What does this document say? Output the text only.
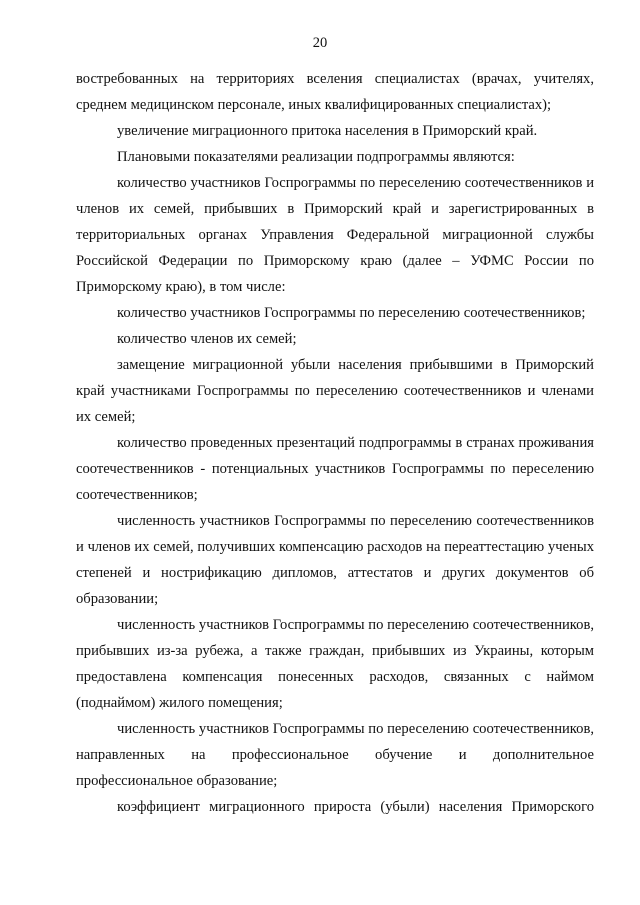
20

востребованных на территориях вселения специалистах (врачах, учителях, среднем медицинском персонале, иных квалифицированных специалистах);

увеличение миграционного притока населения в Приморский край.

Плановыми показателями реализации подпрограммы являются:

количество участников Госпрограммы по переселению соотечественников и членов их семей, прибывших в Приморский край и зарегистрированных в территориальных органах Управления Федеральной миграционной службы Российской Федерации по Приморскому краю (далее – УФМС России по Приморскому краю), в том числе:

количество участников Госпрограммы по переселению соотечественников;

количество членов их семей;

замещение миграционной убыли населения прибывшими в Приморский край участниками Госпрограммы по переселению соотечественников и членами их семей;

количество проведенных презентаций подпрограммы в странах проживания соотечественников - потенциальных участников Госпрограммы по переселению соотечественников;

численность участников Госпрограммы по переселению соотечественников и членов их семей, получивших компенсацию расходов на переаттестацию ученых степеней и нострификацию дипломов, аттестатов и других документов об образовании;

численность участников Госпрограммы по переселению соотечественников, прибывших из-за рубежа, а также граждан, прибывших из Украины, которым предоставлена компенсация понесенных расходов, связанных с наймом (поднаймом) жилого помещения;

численность участников Госпрограммы по переселению соотечественников, направленных на профессиональное обучение и дополнительное профессиональное образование;

коэффициент миграционного прироста (убыли) населения Приморского
